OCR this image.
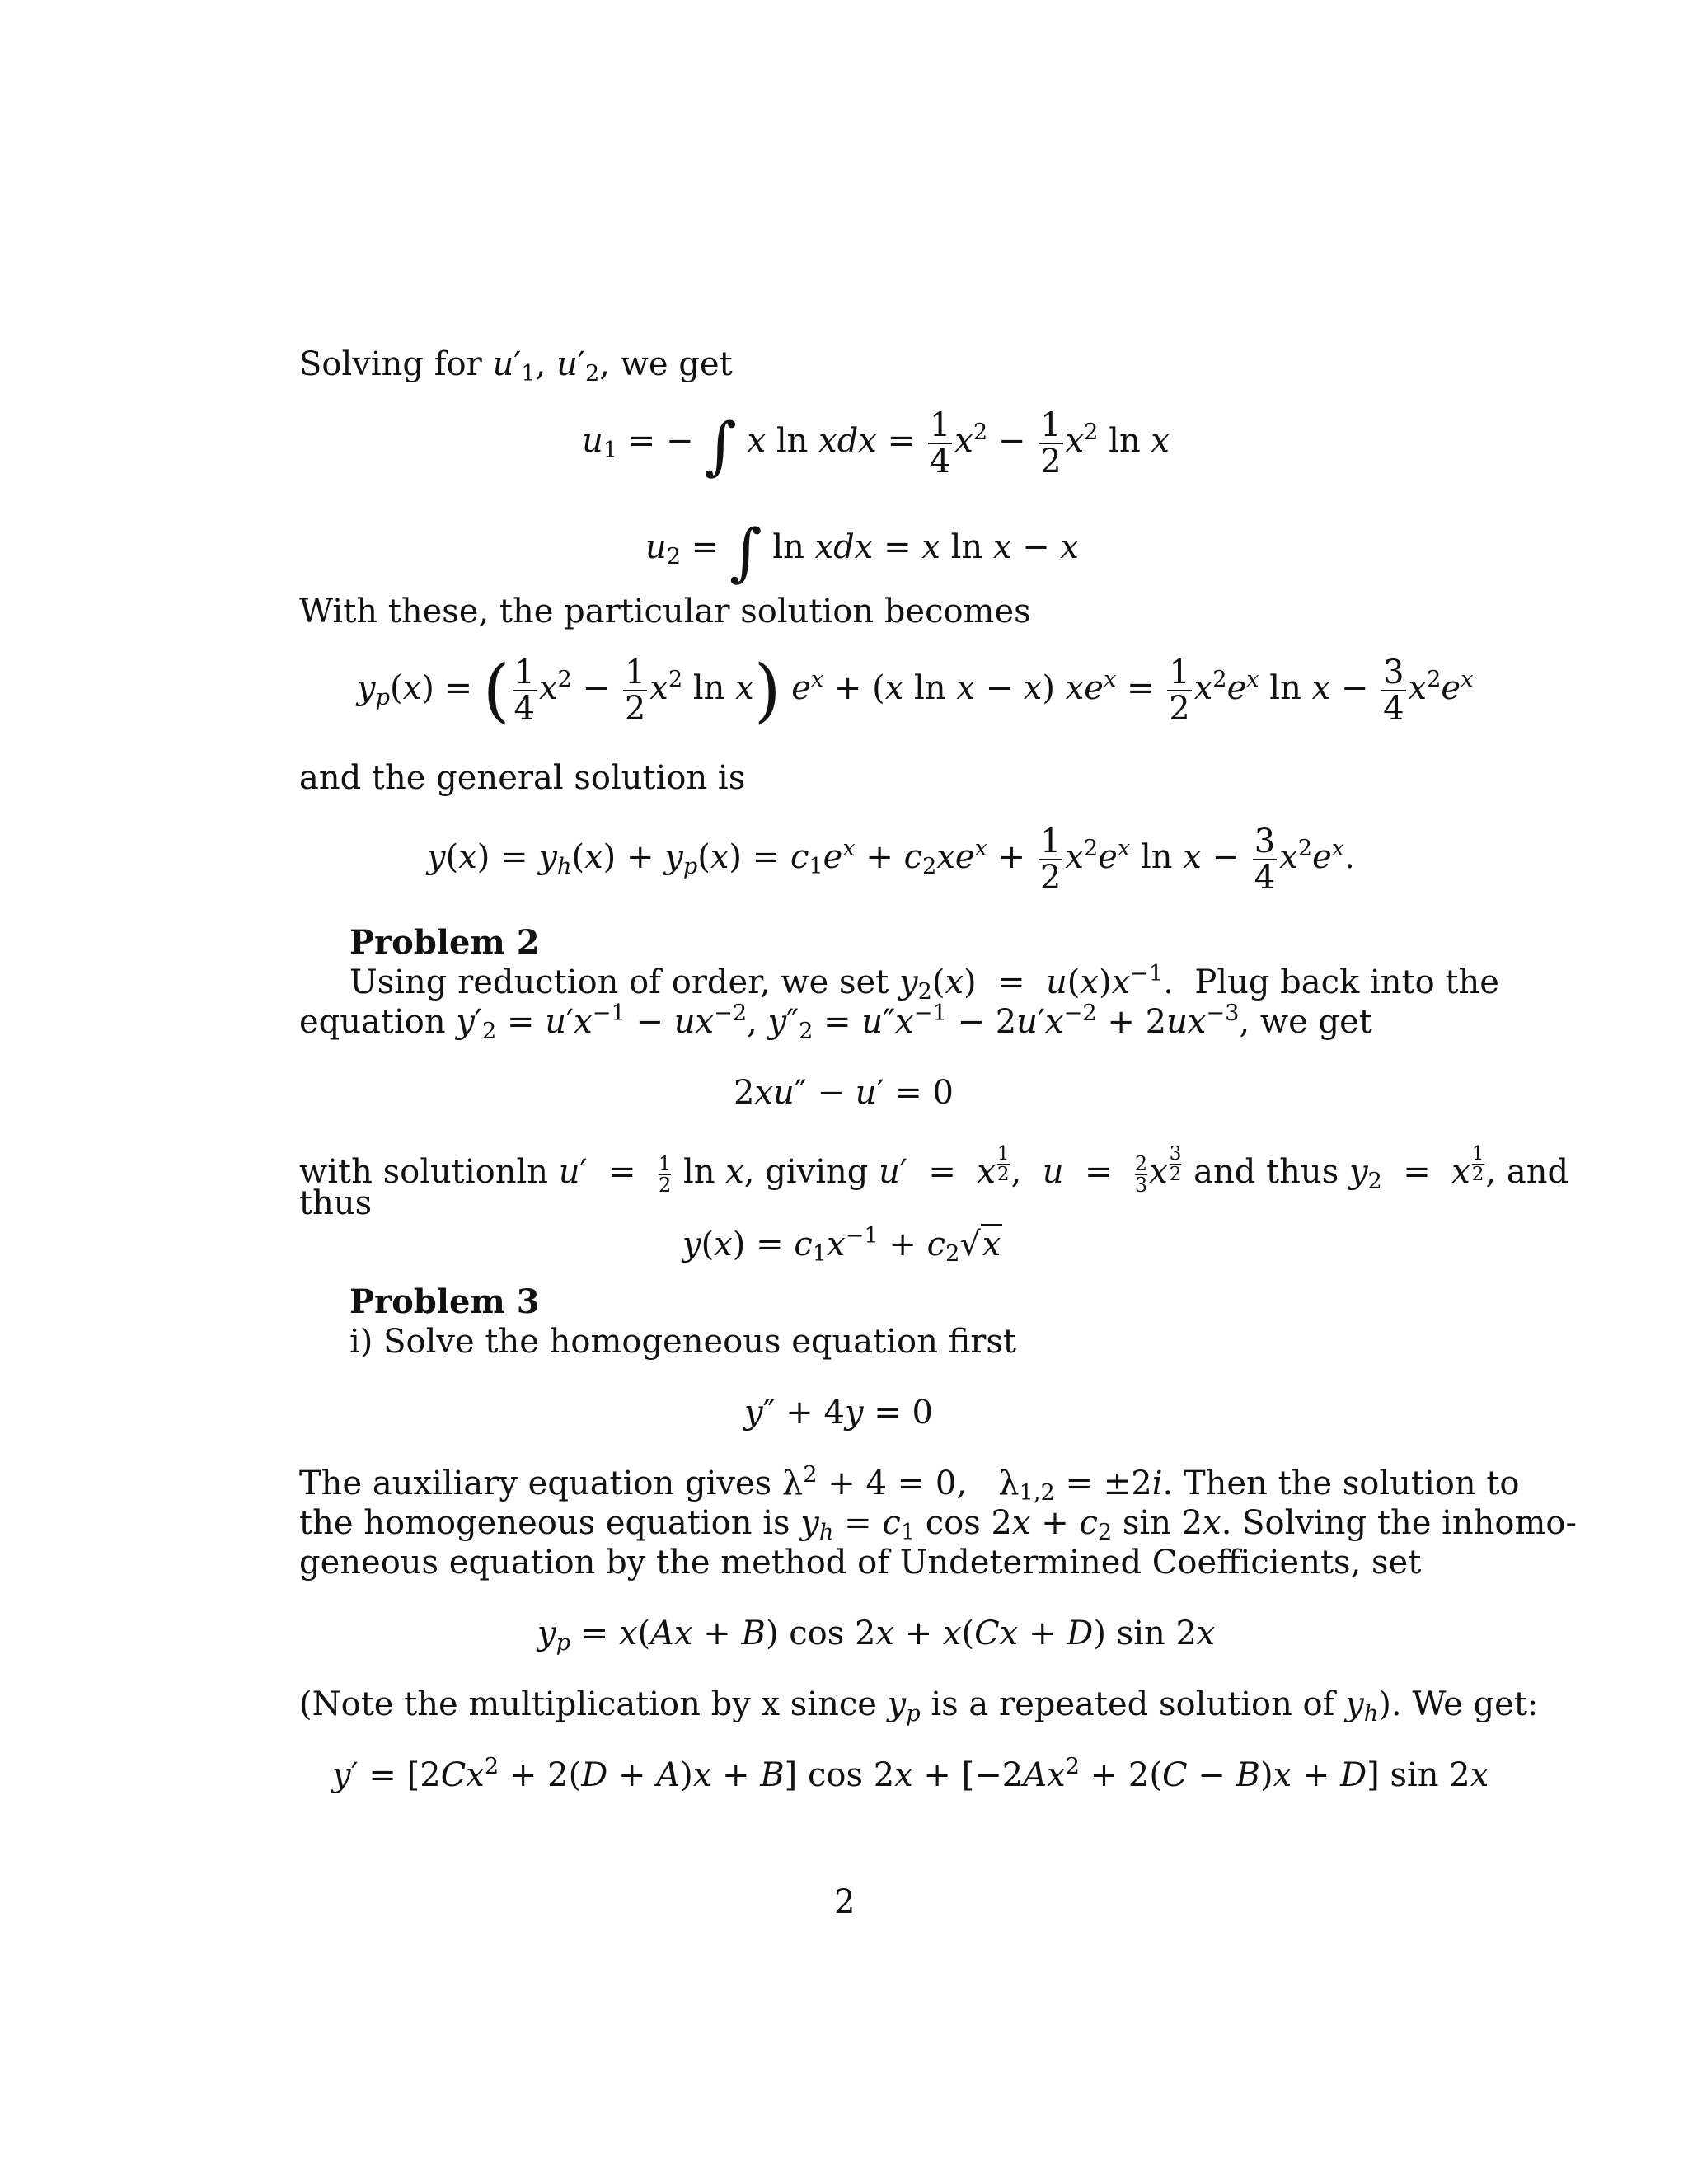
Solving for $u'_1$, $u'_2$, we get
$u_1$ = − ∫ x ln xdx = $\frac{1}{4} x^2 - \frac{1}{2} x^2$ ln x
$u_2$ = ∫ ln xdx = x ln x − x
With these, the particular solution becomes
$y_p(x)$ = ( $\frac{1}{4} x^2 - \frac{1}{2} x^2$ ln x) $e^x + (x$ ln x − x) $xe^x = \frac{1}{2} x^2e^x$ $\ln x - \frac{3}{4} x^2e^x$
and the general solution is
$y(x) = y_h(x) + y_p(x) = c_1e^x + c_2xe^x + \frac{1}{2} x^2e^x$ $\ln x - \frac{3}{4} x^2e^x$.
Problem 2
Using reduction of order, we set $y_2(x) = u(x)x^{-1}$.  Plug back into the
equation $y'_2 = u'x^{-1} - ux^{-2}$, $y''_2 = u''x^{-1} - 2u'x^{-2} + 2ux^{-3}$, we get
2xu″ − u′ = 0
with solutionln $u' = \frac{1}{2}$ ln x, giving u′  =  x $^{\frac{1}{2}}$ ,  $u = \frac{2}{3}$ x $^{\frac{3}{2}}$ and thus $y_2 = x$ $^{\frac{1}{2}}$ , and
thus
$y(x) = c_1x^{-1} + c_2√x$
Problem 3
i) Solve the homogeneous equation first
y″ + 4y = 0
The auxiliary equation gives $\lambda^2 + 4 = 0$,   $\lambda_{1,2} = \pm 2i$. Then the solution to
the homogeneous equation is $y_h = c_1$ $\cos 2x + c_2$ sin 2x. Solving the inhomo-
geneous equation by the method of Undetermined Coefficients, set
$y_p = x(Ax + B)$ cos 2x + x(Cx + D) sin 2x
(Note the multiplication by x since $y_p$ is a repeated solution of $y_h$). We get:
$y' = [2Cx^2 + 2(D + A)x + B]$ $\cos 2x + [-2Ax^2 + 2(C - B)x + D]$ sin 2x
2
